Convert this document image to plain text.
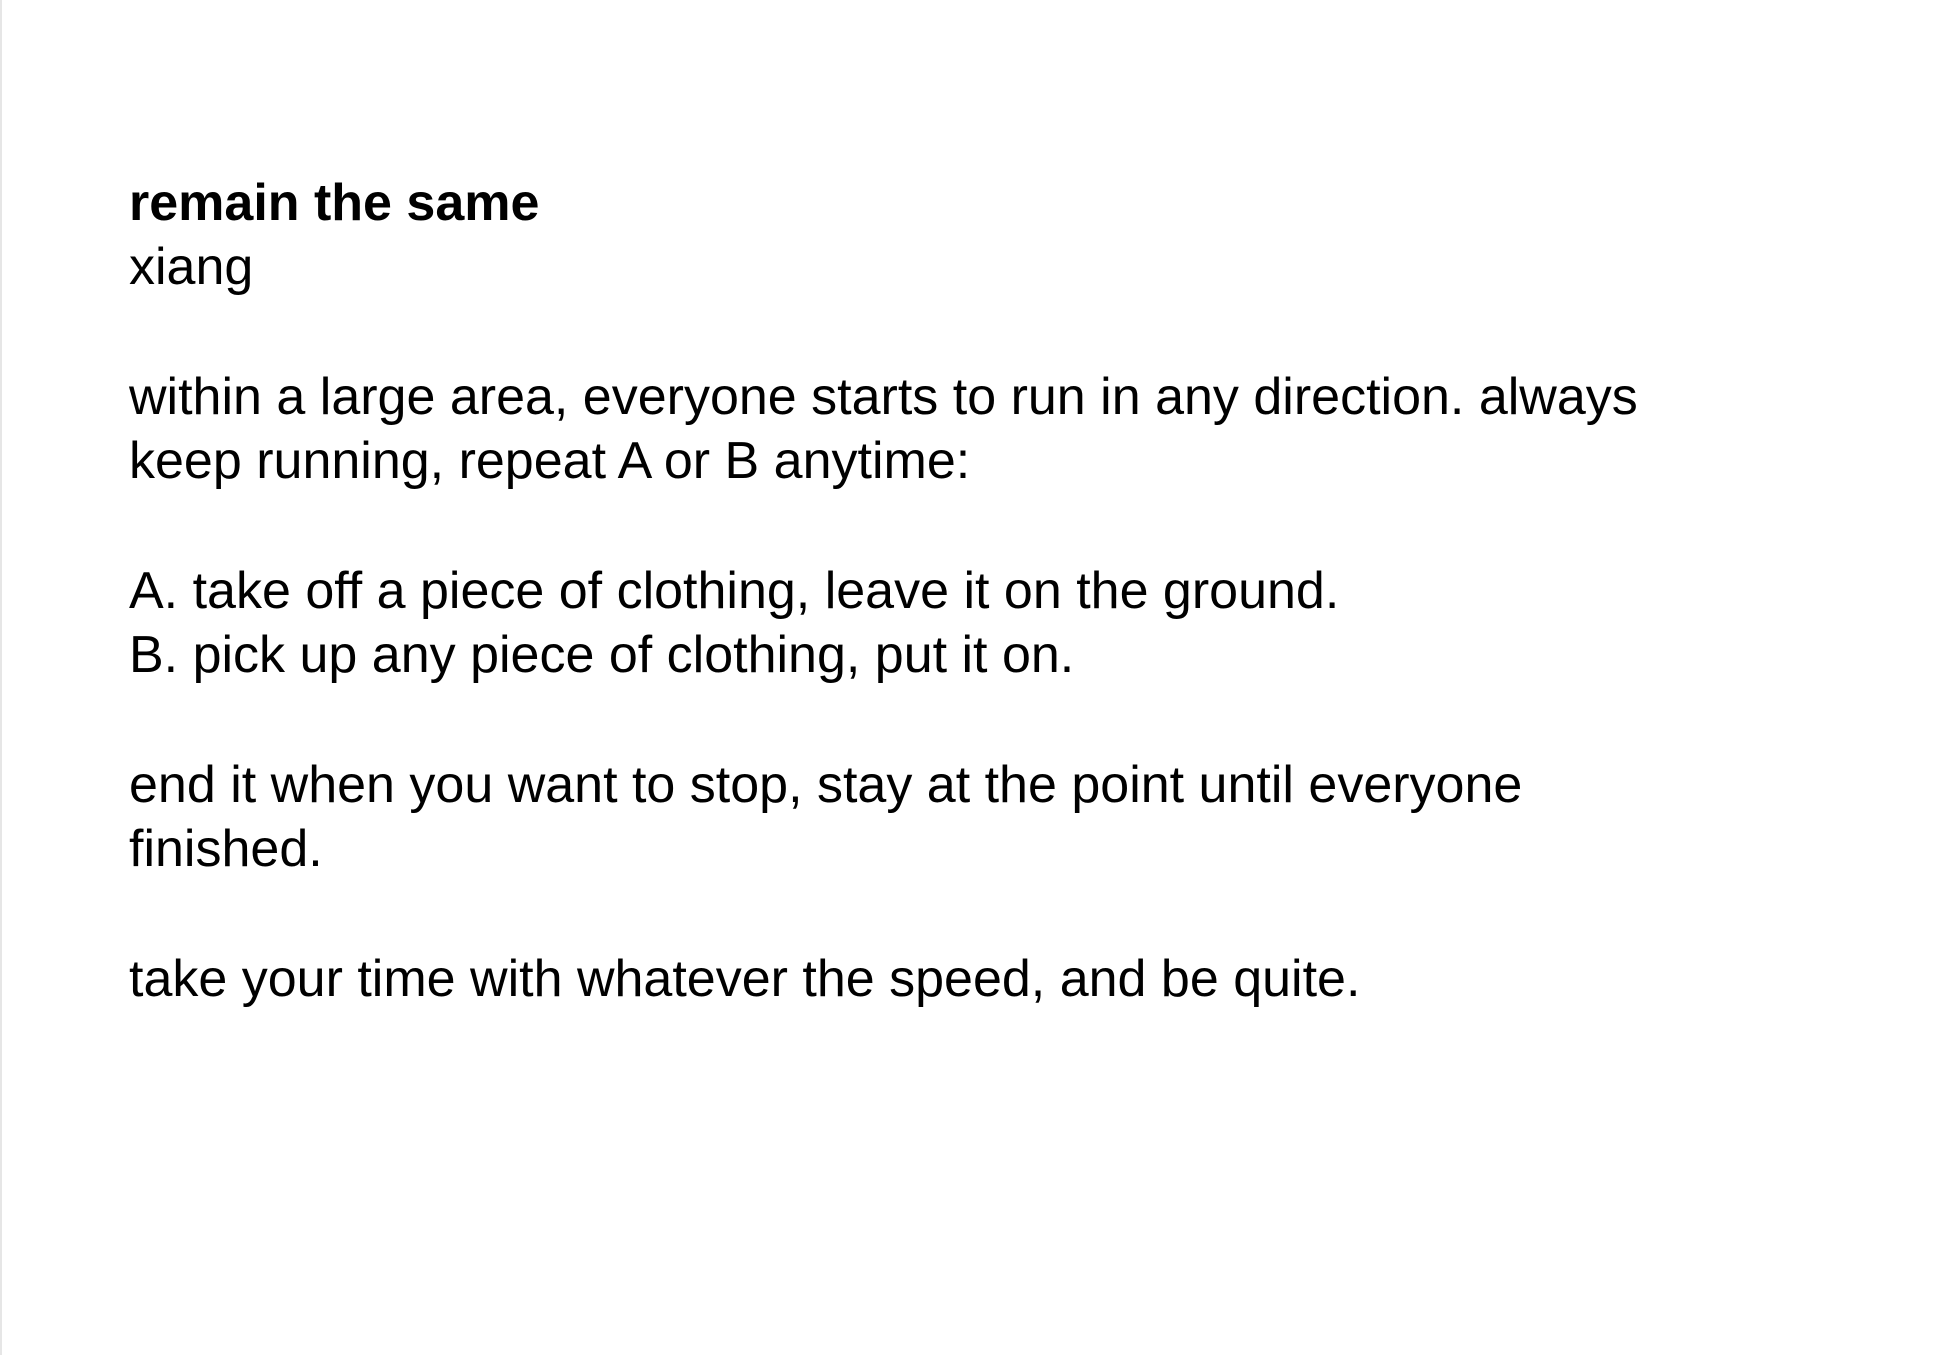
remain the same

xiang

within a large area, everyone starts to run in any direction. always

keep running, repeat A or B anytime:

A. take off a piece of clothing, leave it on the ground.

B. pick up any piece of clothing, put it on.

end it when you want to stop, stay at the point until everyone

finished.

take your time with whatever the speed, and be quite.
